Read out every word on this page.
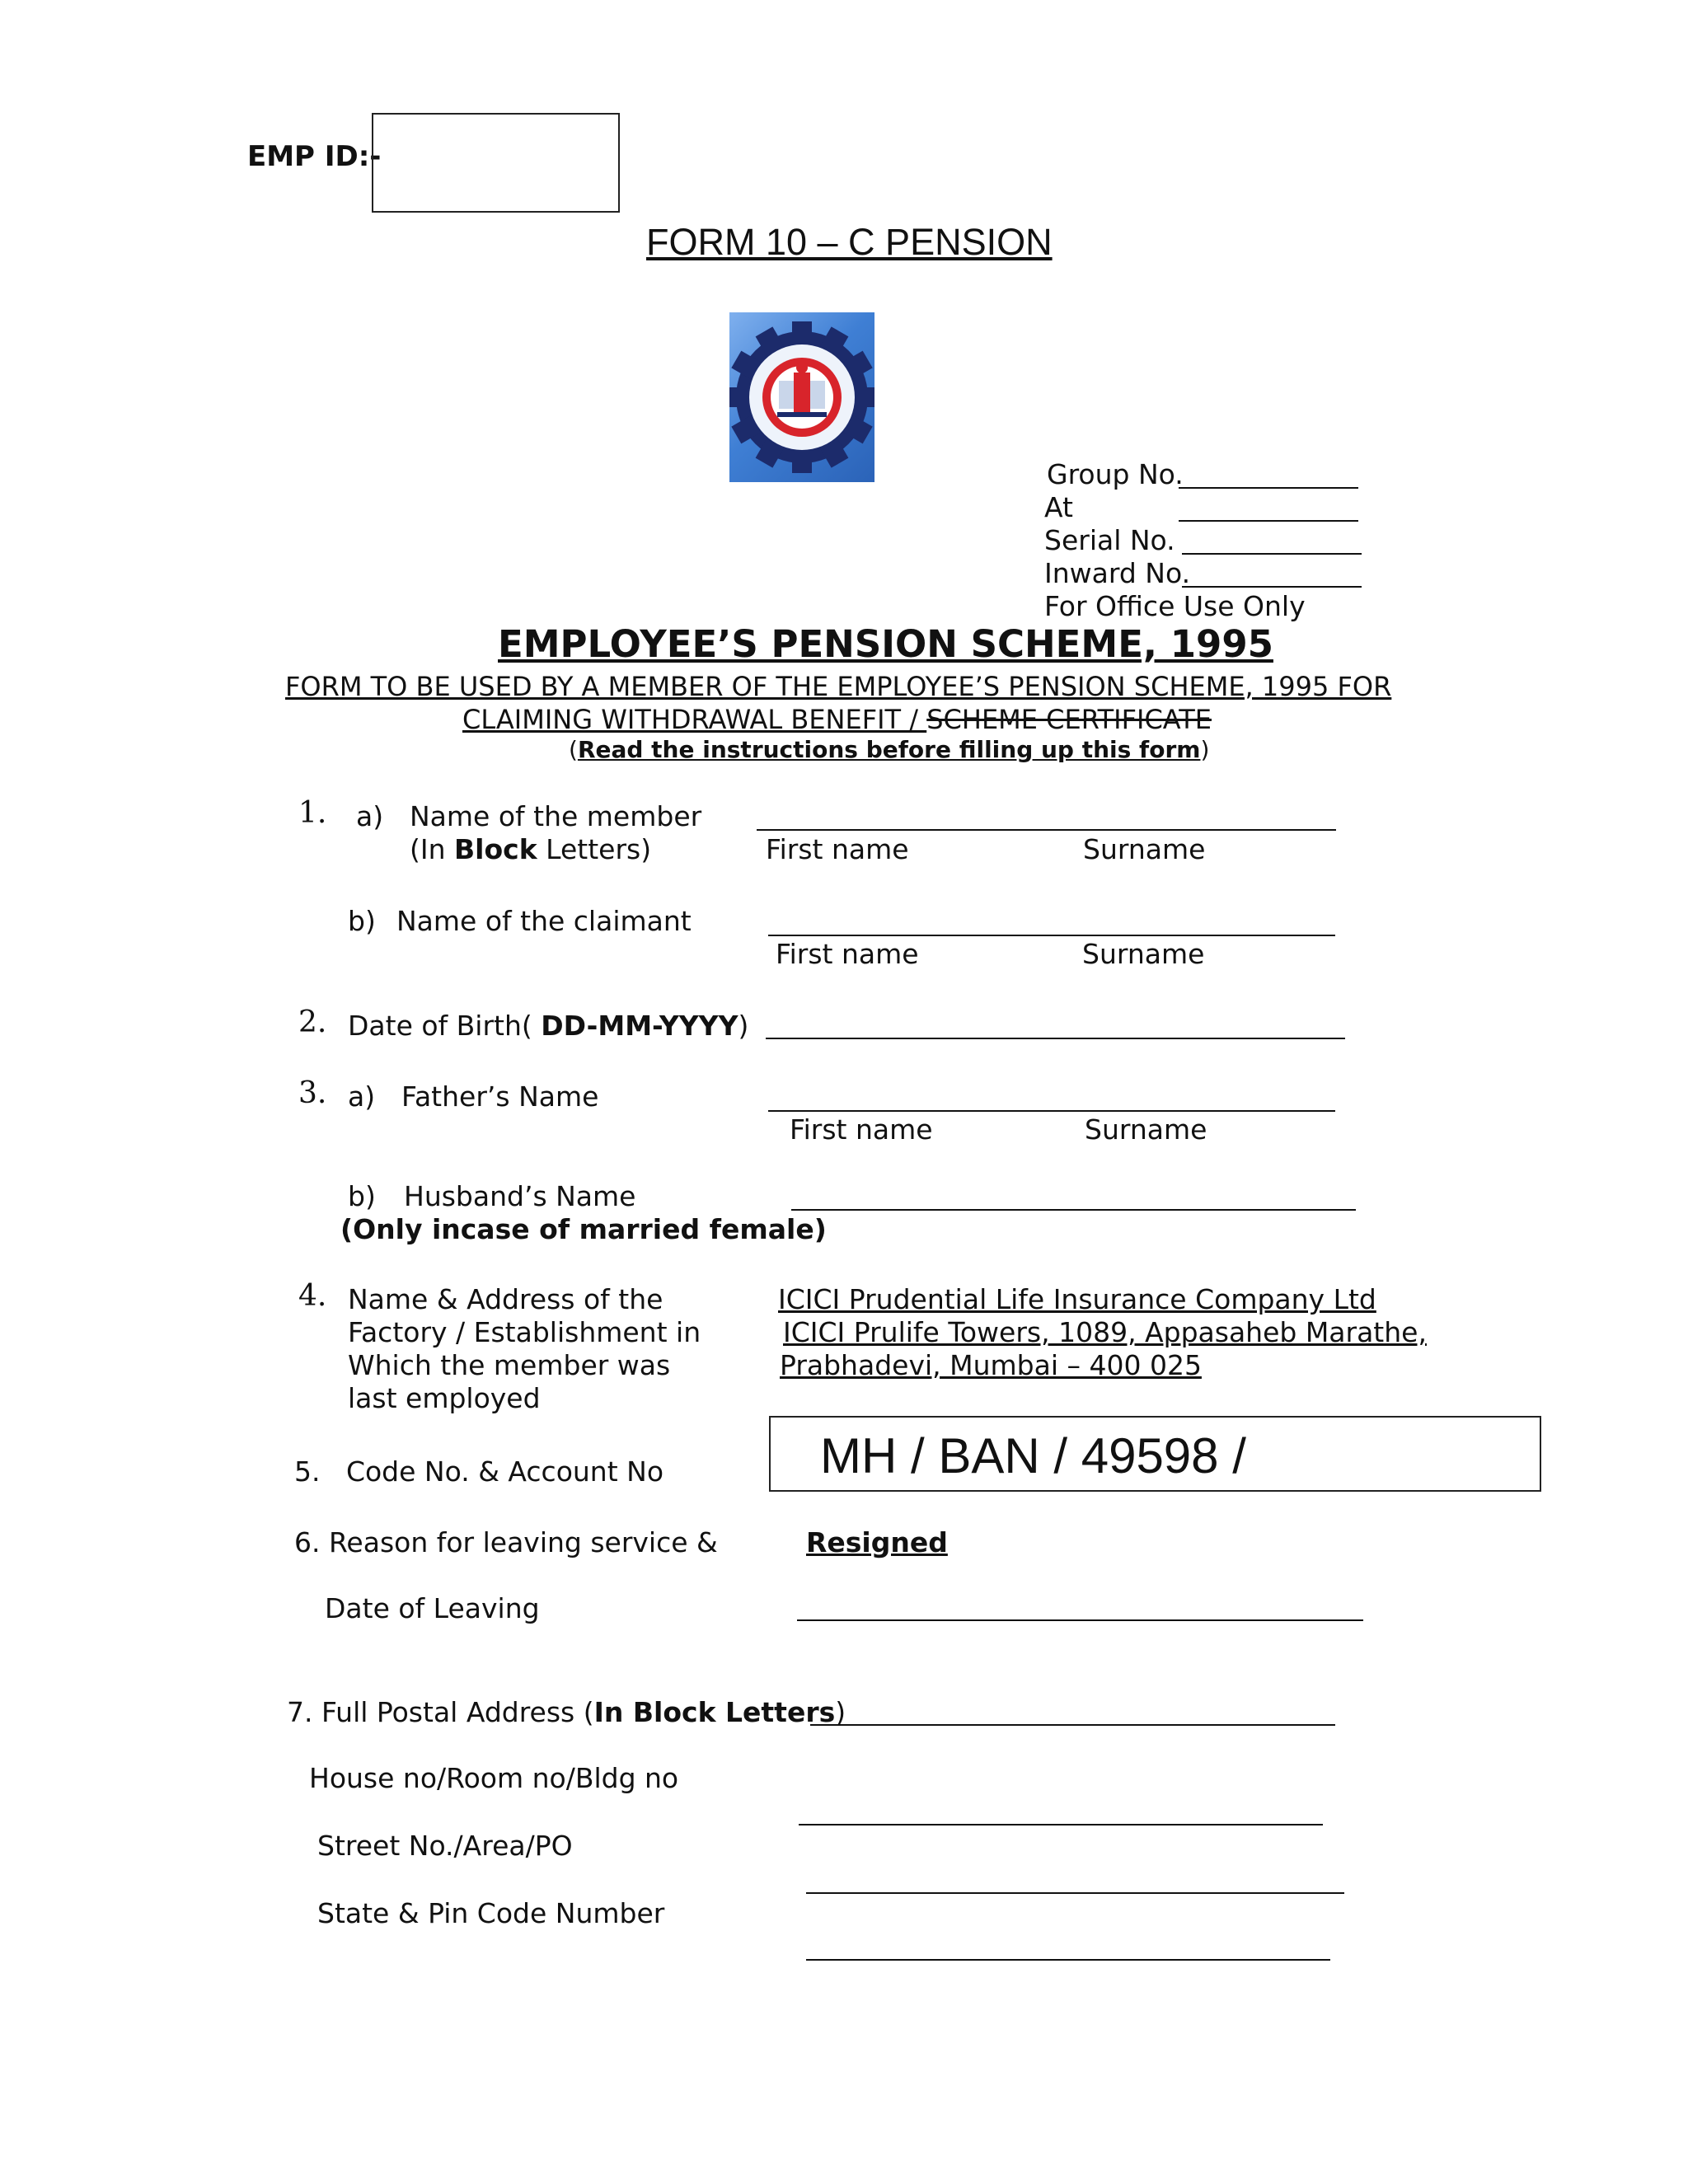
EMP ID:-
FORM 10 – C PENSION
Group No.
At
Serial No.
Inward No.
For Office Use Only
EMPLOYEE’S PENSION SCHEME, 1995
FORM TO BE USED BY A MEMBER OF THE EMPLOYEE’S PENSION SCHEME, 1995 FOR
CLAIMING WITHDRAWAL BENEFIT / SCHEME CERTIFICATE
(Read the instructions before filling up this form)
1. a) Name of the member
(In Block Letters)	First name	Surname
b) Name of the claimant
First name	Surname
2. Date of Birth( DD-MM-YYYY)
3. a) Father’s Name
First name	Surname
b) Husband’s Name
(Only incase of married female)
4. Name & Address of the
Factory / Establishment in
Which the member was
last employed
ICICI Prudential Life Insurance Company Ltd
ICICI Prulife Towers, 1089, Appasaheb Marathe,
Prabhadevi, Mumbai – 400 025
5.   Code No. & Account No	MH / BAN / 49598 /
6. Reason for leaving service &	Resigned
Date of Leaving
7. Full Postal Address (In Block Letters)
House no/Room no/Bldg no
Street No./Area/PO
State & Pin Code Number
